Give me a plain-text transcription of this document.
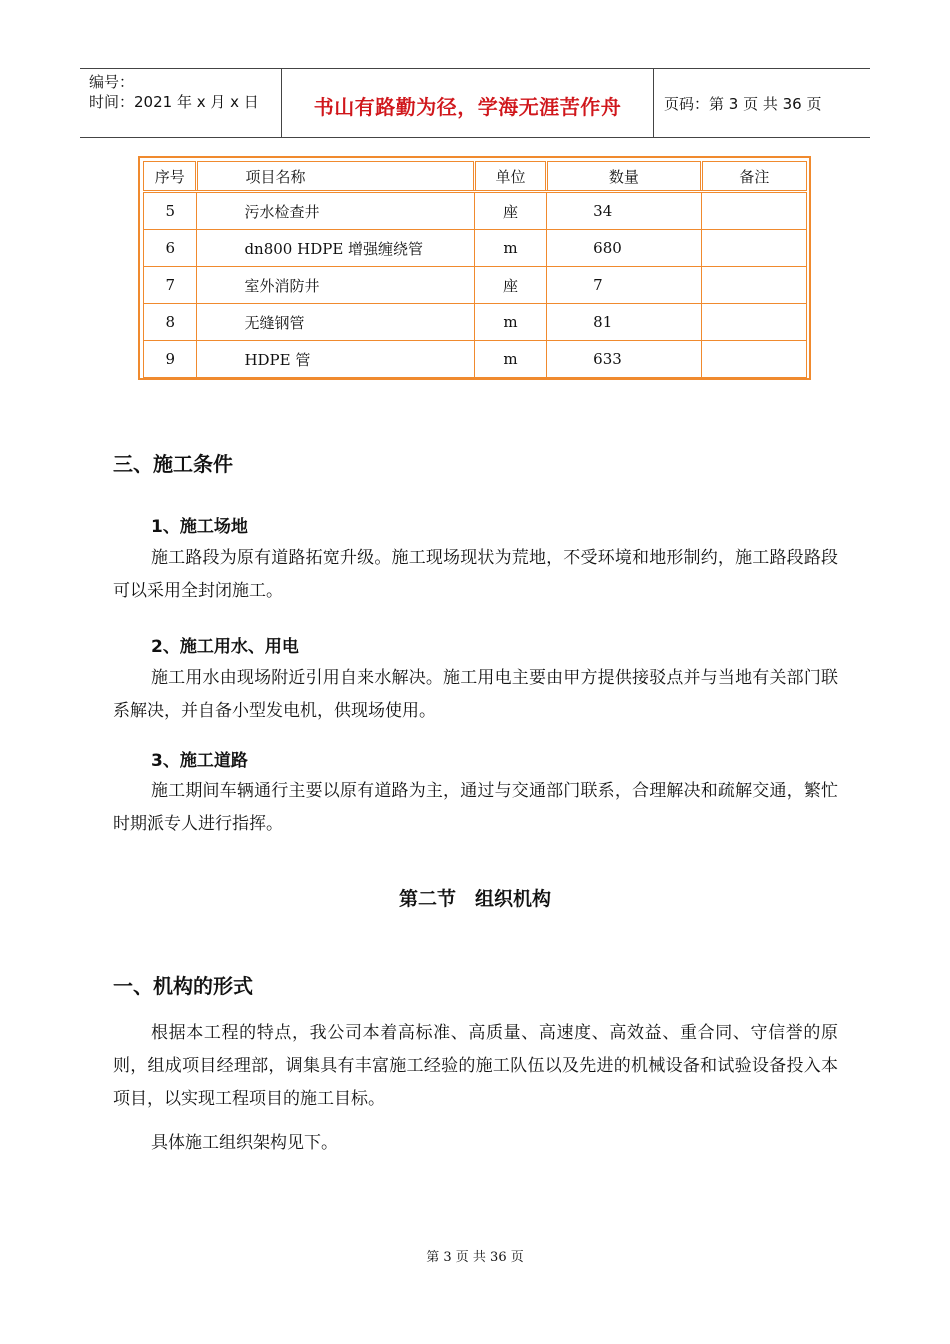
编号：
时间：2021 年 x 月 x 日	书山有路勤为径，学海无涯苦作舟	页码：第 3 页 共 36 页
序号	项目名称	单位	数量	备注
5	污水检查井	座	34	
6	dn800 HDPE 增强缠绕管	m	680	
7	室外消防井	座	7	
8	无缝钢管	m	81	
9	HDPE 管	m	633	
三、施工条件
1、施工场地
施工路段为原有道路拓宽升级。施工现场现状为荒地，不受环境和地形制约，施工路段路段可以采用全封闭施工。
2、施工用水、用电
施工用水由现场附近引用自来水解决。施工用电主要由甲方提供接驳点并与当地有关部门联系解决，并自备小型发电机，供现场使用。
3、施工道路
施工期间车辆通行主要以原有道路为主，通过与交通部门联系，合理解决和疏解交通，繁忙时期派专人进行指挥。
第二节　组织机构
一、机构的形式
根据本工程的特点，我公司本着高标准、高质量、高速度、高效益、重合同、守信誉的原则，组成项目经理部，调集具有丰富施工经验的施工队伍以及先进的机械设备和试验设备投入本项目，以实现工程项目的施工目标。
具体施工组织架构见下。
第 3 页 共 36 页
